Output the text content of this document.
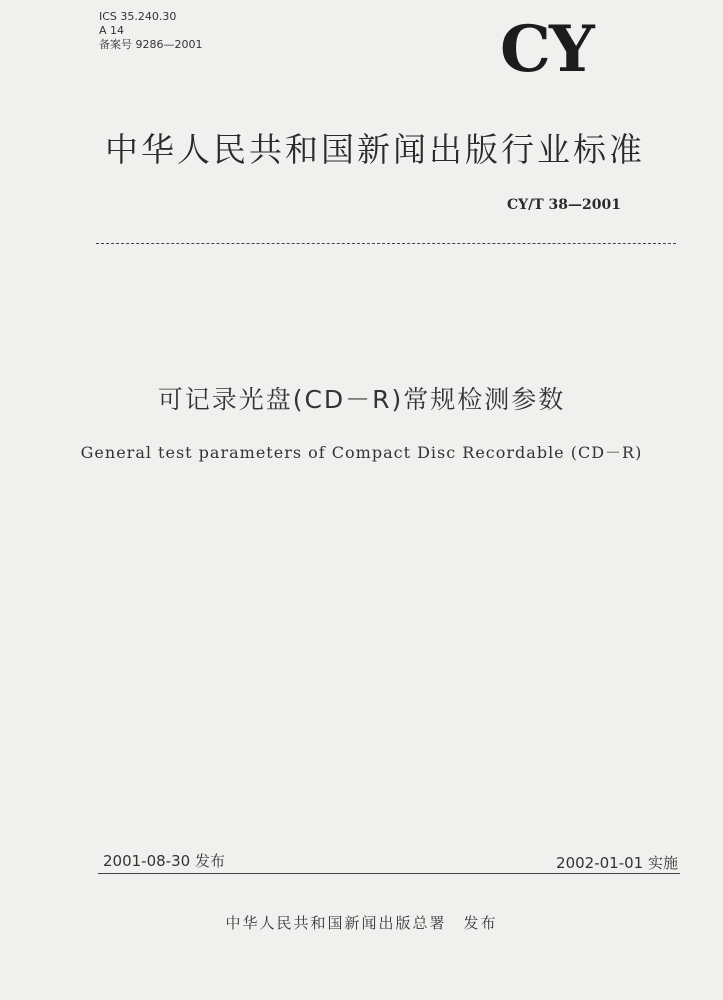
ICS 35.240.30
A 14
备案号 9286—2001	CY
中华人民共和国新闻出版行业标准
CY/T 38—2001
可记录光盘(CD－R)常规检测参数
General test parameters of Compact Disc Recordable (CD－R)
2001-08-30 发布	2002-01-01 实施
中华人民共和国新闻出版总署　发布
